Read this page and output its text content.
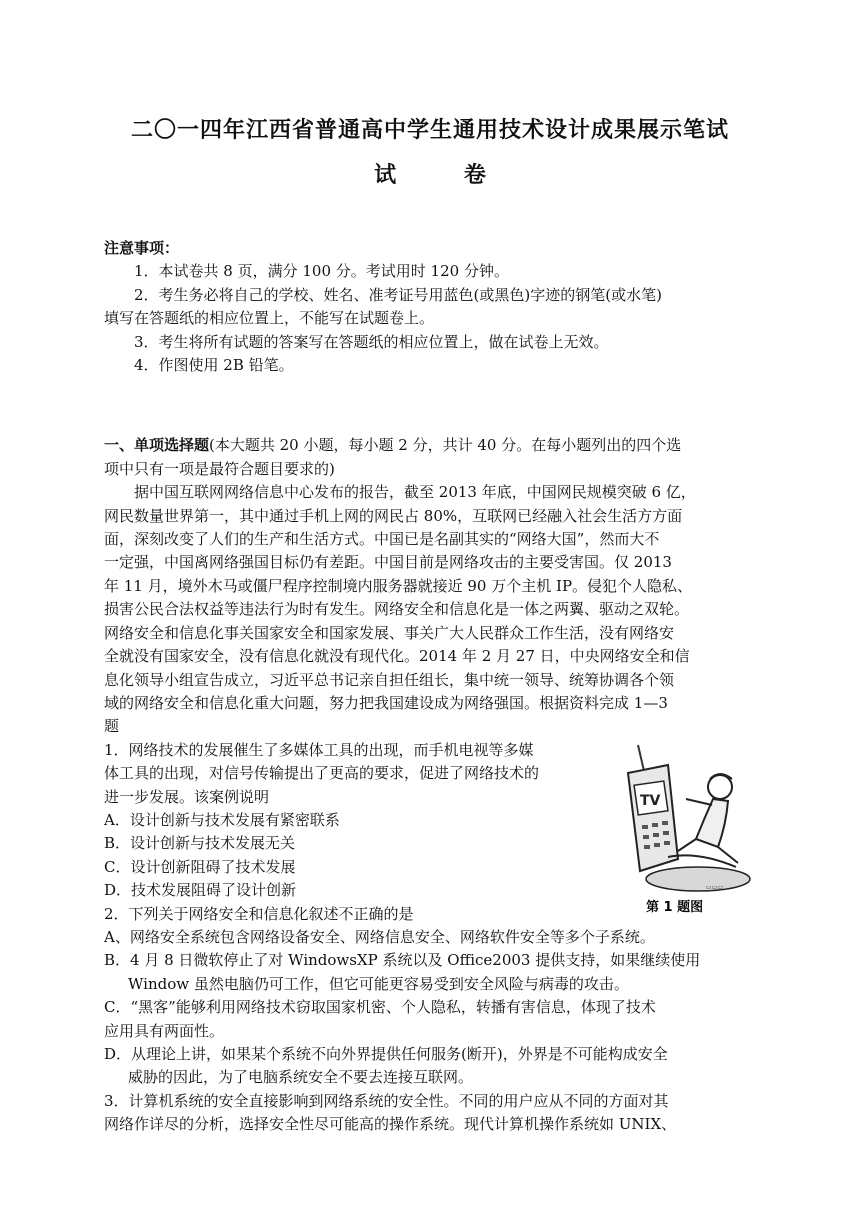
二〇一四年江西省普通高中学生通用技术设计成果展示笔试
试 卷

注意事项：

1．本试卷共 8 页，满分 100 分。考试用时 120 分钟。

2．考生务必将自己的学校、姓名、准考证号用蓝色(或黑色)字迹的钢笔(或水笔)

填写在答题纸的相应位置上，不能写在试题卷上。

3．考生将所有试题的答案写在答题纸的相应位置上，做在试卷上无效。

4．作图使用 2B 铅笔。

一、单项选择题(本大题共 20 小题，每小题 2 分，共计 40 分。在每小题列出的四个选

项中只有一项是最符合题目要求的)

据中国互联网网络信息中心发布的报告，截至 2013 年底，中国网民规模突破 6 亿，

网民数量世界第一，其中通过手机上网的网民占 80%，互联网已经融入社会生活方方面

面，深刻改变了人们的生产和生活方式。中国已是名副其实的“网络大国”，然而大不

一定强，中国离网络强国目标仍有差距。中国目前是网络攻击的主要受害国。仅 2013

年 11 月，境外木马或僵尸程序控制境内服务器就接近 90 万个主机 IP。侵犯个人隐私、

损害公民合法权益等违法行为时有发生。网络安全和信息化是一体之两翼、驱动之双轮。

网络安全和信息化事关国家安全和国家发展、事关广大人民群众工作生活，没有网络安

全就没有国家安全，没有信息化就没有现代化。2014 年 2 月 27 日，中央网络安全和信

息化领导小组宣告成立，习近平总书记亲自担任组长，集中统一领导、统筹协调各个领

域的网络安全和信息化重大问题，努力把我国建设成为网络强国。根据资料完成 1—3

题

1．网络技术的发展催生了多媒体工具的出现，而手机电视等多媒

体工具的出现，对信号传输提出了更高的要求，促进了网络技术的

进一步发展。该案例说明

A．设计创新与技术发展有紧密联系

B．设计创新与技术发展无关

C．设计创新阻碍了技术发展

D．技术发展阻碍了设计创新

TV
▭▭▭
第 1 题图

2．下列关于网络安全和信息化叙述不正确的是

A、网络安全系统包含网络设备安全、网络信息安全、网络软件安全等多个子系统。

B．4 月 8 日微软停止了对 WindowsXP 系统以及 Office2003 提供支持，如果继续使用

Window 虽然电脑仍可工作，但它可能更容易受到安全风险与病毒的攻击。

C．“黑客”能够利用网络技术窃取国家机密、个人隐私，转播有害信息，体现了技术

应用具有两面性。

D．从理论上讲，如果某个系统不向外界提供任何服务(断开)，外界是不可能构成安全

威胁的因此，为了电脑系统安全不要去连接互联网。

3．计算机系统的安全直接影响到网络系统的安全性。不同的用户应从不同的方面对其

网络作详尽的分析，选择安全性尽可能高的操作系统。现代计算机操作系统如 UNIX、
